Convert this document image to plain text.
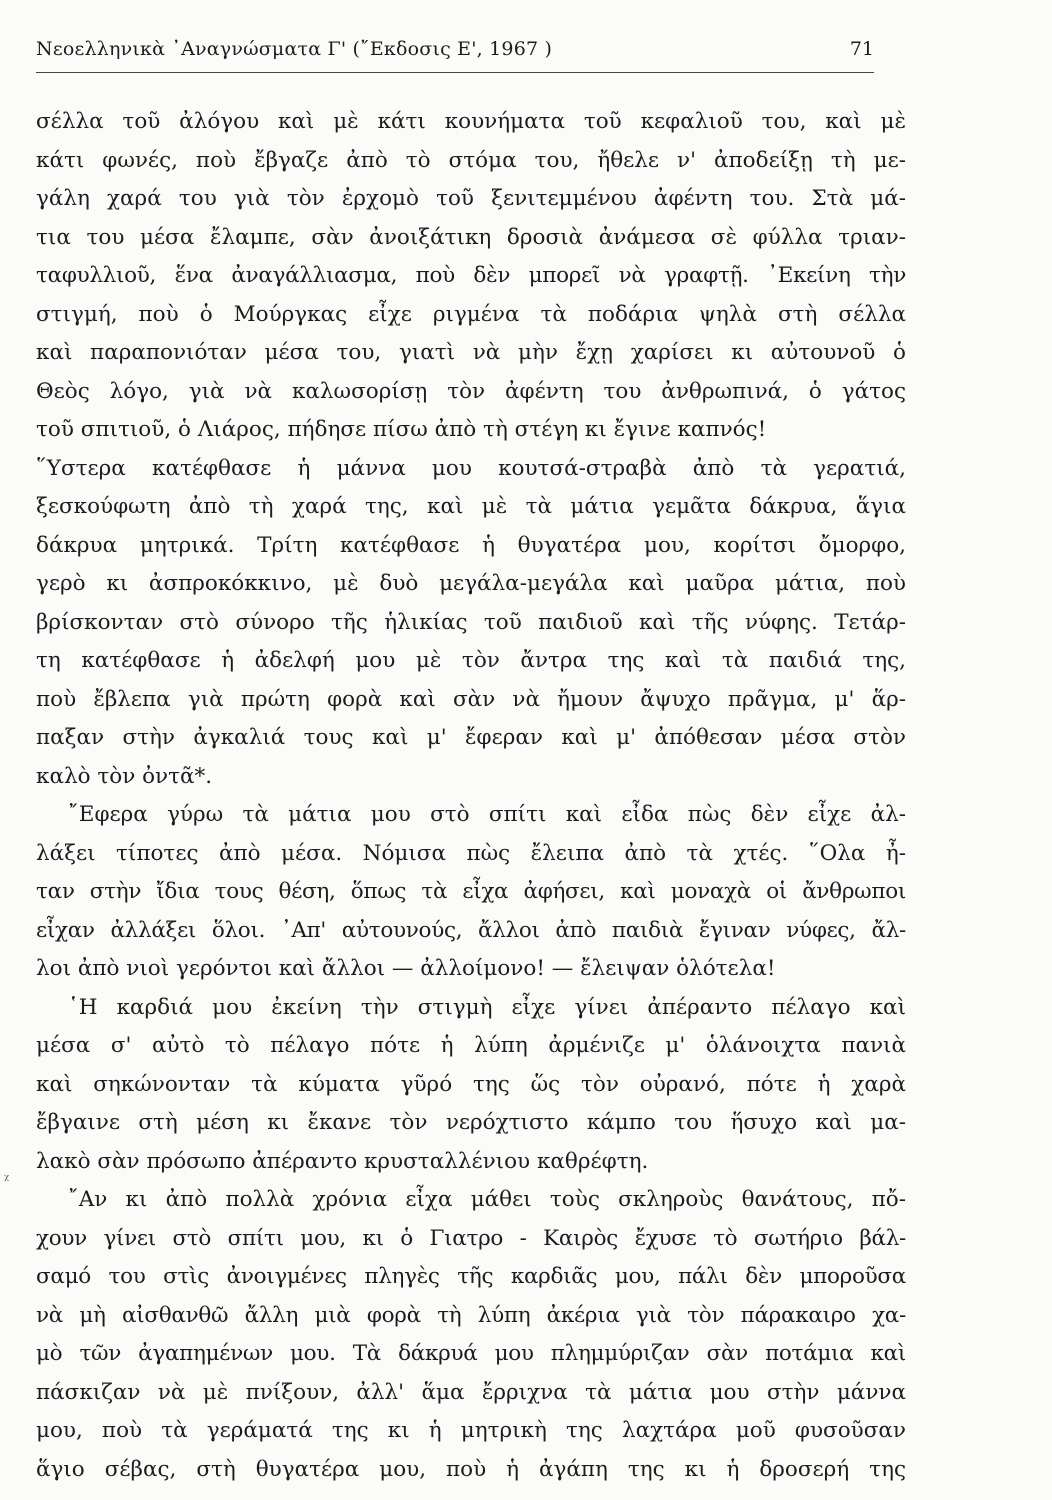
Νεοελληνικὰ ᾿Αναγνώσματα Γ' (῎Εκδοσις Ε', 1967 )	71
ᵡ
σέλλα τοῦ ἀλόγου καὶ μὲ κάτι κουνήματα τοῦ κεφαλιοῦ του, καὶ μὲ
κάτι φωνές, ποὺ ἔβγαζε ἀπὸ τὸ στόμα του, ἤθελε ν' ἀποδείξῃ τὴ με-
γάλη χαρά του γιὰ τὸν ἐρχομὸ τοῦ ξενιτεμμένου ἀφέντη του. Στὰ μά-
τια του μέσα ἔλαμπε, σὰν ἀνοιξάτικη δροσιὰ ἀνάμεσα σὲ φύλλα τριαν-
ταφυλλιοῦ, ἕνα ἀναγάλλιασμα, ποὺ δὲν μπορεῖ νὰ γραφτῇ. ᾿Εκείνη τὴν
στιγμή, ποὺ ὁ Μούργκας εἶχε ριγμένα τὰ ποδάρια ψηλὰ στὴ σέλλα
καὶ παραπονιόταν μέσα του, γιατὶ νὰ μὴν ἔχῃ χαρίσει κι αὐτουνοῦ ὁ
Θεὸς λόγο, γιὰ νὰ καλωσορίσῃ τὸν ἀφέντη του ἀνθρωπινά, ὁ γάτος
τοῦ σπιτιοῦ, ὁ Λιάρος, πήδησε πίσω ἀπὸ τὴ στέγη κι ἔγινε καπνός!
῞Υστερα κατέφθασε ἡ μάννα μου κουτσά-στραβὰ ἀπὸ τὰ γερατιά,
ξεσκούφωτη ἀπὸ τὴ χαρά της, καὶ μὲ τὰ μάτια γεμᾶτα δάκρυα, ἅγια
δάκρυα μητρικά. Τρίτη κατέφθασε ἡ θυγατέρα μου, κορίτσι ὄμορφο,
γερὸ κι ἀσπροκόκκινο, μὲ δυὸ μεγάλα-μεγάλα καὶ μαῦρα μάτια, ποὺ
βρίσκονταν στὸ σύνορο τῆς ἡλικίας τοῦ παιδιοῦ καὶ τῆς νύφης. Τετάρ-
τη κατέφθασε ἡ ἀδελφή μου μὲ τὸν ἄντρα της καὶ τὰ παιδιά της,
ποὺ ἔβλεπα γιὰ πρώτη φορὰ καὶ σὰν νὰ ἤμουν ἄψυχο πρᾶγμα, μ' ἅρ-
παξαν στὴν ἀγκαλιά τους καὶ μ' ἔφεραν καὶ μ' ἀπόθεσαν μέσα στὸν
καλὸ τὸν ὀντᾶ*.
῎Εφερα γύρω τὰ μάτια μου στὸ σπίτι καὶ εἶδα πὼς δὲν εἶχε ἀλ-
λάξει τίποτες ἀπὸ μέσα. Νόμισα πὼς ἔλειπα ἀπὸ τὰ χτές. ῞Ολα ἦ-
ταν στὴν ἴδια τους θέση, ὅπως τὰ εἶχα ἀφήσει, καὶ μοναχὰ οἱ ἄνθρωποι
εἶχαν ἀλλάξει ὅλοι. ᾿Απ' αὐτουνούς, ἄλλοι ἀπὸ παιδιὰ ἔγιναν νύφες, ἄλ-
λοι ἀπὸ νιοὶ γερόντοι καὶ ἄλλοι — ἀλλοίμονο! — ἔλειψαν ὁλότελα!
῾Η καρδιά μου ἐκείνη τὴν στιγμὴ εἶχε γίνει ἀπέραντο πέλαγο καὶ
μέσα σ' αὐτὸ τὸ πέλαγο πότε ἡ λύπη ἀρμένιζε μ' ὁλάνοιχτα πανιὰ
καὶ σηκώνονταν τὰ κύματα γῦρό της ὥς τὸν οὐρανό, πότε ἡ χαρὰ
ἔβγαινε στὴ μέση κι ἔκανε τὸν νερόχτιστο κάμπο του ἥσυχο καὶ μα-
λακὸ σὰν πρόσωπο ἀπέραντο κρυσταλλένιου καθρέφτη.
῎Αν κι ἀπὸ πολλὰ χρόνια εἶχα μάθει τοὺς σκληροὺς θανάτους, πὄ-
χουν γίνει στὸ σπίτι μου, κι ὁ Γιατρο - Καιρὸς ἔχυσε τὸ σωτήριο βάλ-
σαμό του στὶς ἀνοιγμένες πληγὲς τῆς καρδιᾶς μου, πάλι δὲν μποροῦσα
νὰ μὴ αἰσθανθῶ ἄλλη μιὰ φορὰ τὴ λύπη ἀκέρια γιὰ τὸν πάρακαιρο χα-
μὸ τῶν ἀγαπημένων μου. Τὰ δάκρυά μου πλημμύριζαν σὰν ποτάμια καὶ
πάσκιζαν νὰ μὲ πνίξουν, ἀλλ' ἅμα ἔρριχνα τὰ μάτια μου στὴν μάννα
μου, ποὺ τὰ γεράματά της κι ἡ μητρικὴ της λαχτάρα μοῦ φυσοῦσαν
ἅγιο σέβας, στὴ θυγατέρα μου, ποὺ ἡ ἀγάπη της κι ἡ δροσερή της
